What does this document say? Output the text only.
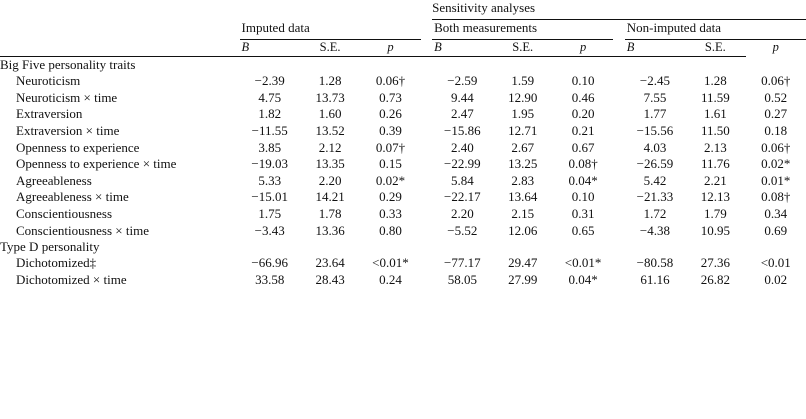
					Sensitivity analyses						

	Imputed data				Both measurements				Non-imputed data		

	B	S.E.	p		B	S.E.	p		B	S.E.	p

Big Five personality traits											
Neuroticism	−2.39	1.28	0.06†		−2.59	1.59	0.10		−2.45	1.28	0.06†
Neuroticism × time	4.75	13.73	0.73		9.44	12.90	0.46		7.55	11.59	0.52
Extraversion	1.82	1.60	0.26		2.47	1.95	0.20		1.77	1.61	0.27
Extraversion × time	−11.55	13.52	0.39		−15.86	12.71	0.21		−15.56	11.50	0.18
Openness to experience	3.85	2.12	0.07†		2.40	2.67	0.67		4.03	2.13	0.06†
Openness to experience × time	−19.03	13.35	0.15		−22.99	13.25	0.08†		−26.59	11.76	0.02*
Agreeableness	5.33	2.20	0.02*		5.84	2.83	0.04*		5.42	2.21	0.01*
Agreeableness × time	−15.01	14.21	0.29		−22.17	13.64	0.10		−21.33	12.13	0.08†
Conscientiousness	1.75	1.78	0.33		2.20	2.15	0.31		1.72	1.79	0.34
Conscientiousness × time	−3.43	13.36	0.80		−5.52	12.06	0.65		−4.38	10.95	0.69
Type D personality											
Dichotomized‡	−66.96	23.64	<0.01*		−77.17	29.47	<0.01*		−80.58	27.36	<0.01
Dichotomized × time	33.58	28.43	0.24		58.05	27.99	0.04*		61.16	26.82	0.02
